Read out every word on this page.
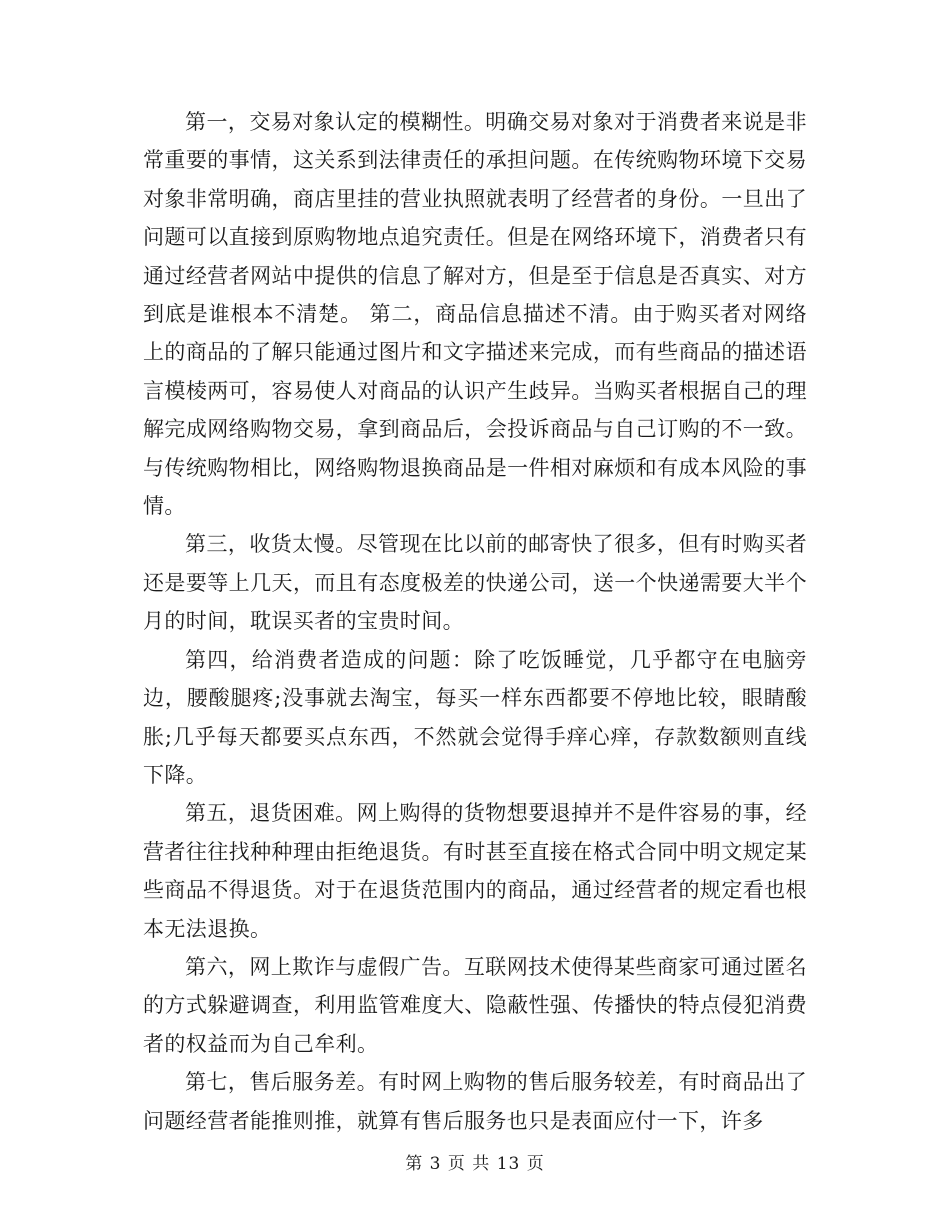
第一，交易对象认定的模糊性。明确交易对象对于消费者来说是非常重要的事情，这关系到法律责任的承担问题。在传统购物环境下交易对象非常明确，商店里挂的营业执照就表明了经营者的身份。一旦出了问题可以直接到原购物地点追究责任。但是在网络环境下，消费者只有通过经营者网站中提供的信息了解对方，但是至于信息是否真实、对方到底是谁根本不清楚。 第二，商品信息描述不清。由于购买者对网络上的商品的了解只能通过图片和文字描述来完成，而有些商品的描述语言模棱两可，容易使人对商品的认识产生歧异。当购买者根据自己的理解完成网络购物交易，拿到商品后，会投诉商品与自己订购的不一致。与传统购物相比，网络购物退换商品是一件相对麻烦和有成本风险的事情。

第三，收货太慢。尽管现在比以前的邮寄快了很多，但有时购买者还是要等上几天，而且有态度极差的快递公司，送一个快递需要大半个月的时间，耽误买者的宝贵时间。

第四，给消费者造成的问题：除了吃饭睡觉，几乎都守在电脑旁边，腰酸腿疼;没事就去淘宝，每买一样东西都要不停地比较，眼睛酸胀;几乎每天都要买点东西，不然就会觉得手痒心痒，存款数额则直线下降。

第五，退货困难。网上购得的货物想要退掉并不是件容易的事，经营者往往找种种理由拒绝退货。有时甚至直接在格式合同中明文规定某些商品不得退货。对于在退货范围内的商品，通过经营者的规定看也根本无法退换。

第六，网上欺诈与虚假广告。互联网技术使得某些商家可通过匿名的方式躲避调查，利用监管难度大、隐蔽性强、传播快的特点侵犯消费者的权益而为自己牟利。

第七，售后服务差。有时网上购物的售后服务较差，有时商品出了问题经营者能推则推，就算有售后服务也只是表面应付一下，许多

第 3 页 共 13 页
